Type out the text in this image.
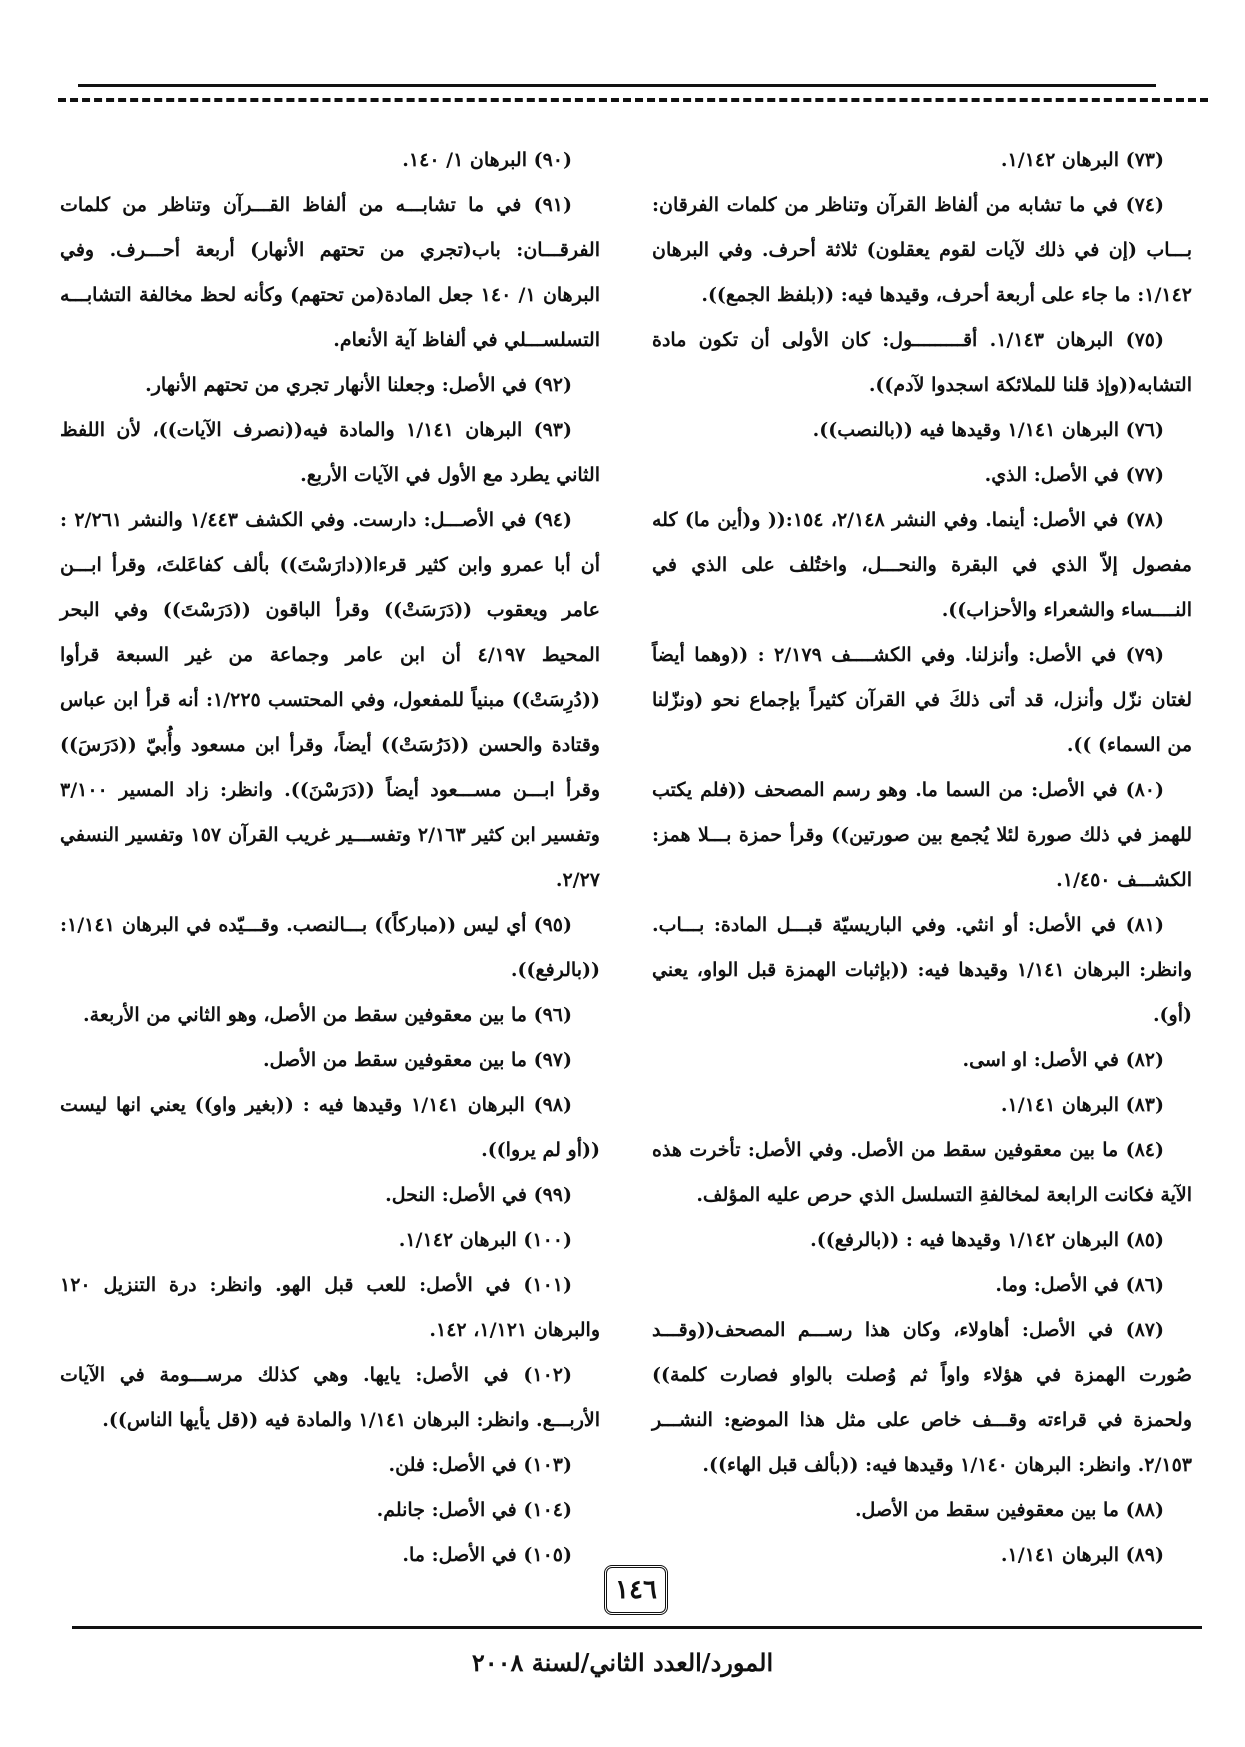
(٧٣) البرهان ١/١٤٢.

(٧٤) في ما تشابه من ألفاظ القرآن وتناظر من كلمات الفرقان: بـــاب (إن في ذلك لآيات لقوم يعقلون) ثلاثة أحرف. وفي البرهان ١/١٤٢: ما جاء على أربعة أحرف، وقيدها فيه: ((بلفظ الجمع)).

(٧٥) البرهان ١/١٤٣. أقـــــــــول: كان الأولى أن تكون مادة التشابه((وإذ قلنا للملائكة اسجدوا لآدم)).

(٧٦) البرهان ١/١٤١ وقيدها فيه ((بالنصب)).

(٧٧) في الأصل: الذي.

(٧٨) في الأصل: أينما. وفي النشر ٢/١٤٨، ١٥٤:(( و(أين ما) كله مفصول إلاّ الذي في البقرة والنحـــل، واختُلف على الذي في النــــساء والشعراء والأحزاب)).

(٧٩) في الأصل: وأنزلنا. وفي الكشــــف ٢/١٧٩ : ((وهما أيضاً لغتان نزّل وأنزل، قد أتى ذلكَ في القرآن كثيراً بإجماع نحو (ونزّلنا من السماء) )).

(٨٠) في الأصل: من السما ما. وهو رسم المصحف ((فلم يكتب للهمز في ذلك صورة لئلا يُجمع بين صورتين)) وقرأ حمزة بـــلا همز: الكشـــف ١/٤٥٠.

(٨١) في الأصل: أو انثي. وفي الباريسيّة قبـــل المادة: بـــاب. وانظر: البرهان ١/١٤١ وقيدها فيه: ((بإثبات الهمزة قبل الواو، يعني (أو).

(٨٢) في الأصل: او اسى.

(٨٣) البرهان ١/١٤١.

(٨٤) ما بين معقوفين سقط من الأصل. وفي الأصل: تأخرت هذه الآية فكانت الرابعة لمخالفةِ التسلسل الذي حرص عليه المؤلف.

(٨٥) البرهان ١/١٤٢ وقيدها فيه : ((بالرفع)).

(٨٦) في الأصل: وما.

(٨٧) في الأصل: أهاولاء، وكان هذا رســـم المصحف((وقـــد صُورت الهمزة في هؤلاء واواً ثم وُصلت بالواو فصارت كلمة)) ولحمزة في قراءته وقـــف خاص على مثل هذا الموضع: النشـــر ٢/١٥٣. وانظر: البرهان ١/١٤٠ وقيدها فيه: ((بألف قبل الهاء)).

(٨٨) ما بين معقوفين سقط من الأصل.

(٨٩) البرهان ١/١٤١.

(٩٠) البرهان ١/ ١٤٠.

(٩١) في ما تشابـــه من ألفاظ القـــرآن وتناظر من كلمات الفرقـــان: باب(تجري من تحتهم الأنهار) أربعة أحـــرف. وفي البرهان ١/ ١٤٠ جعل المادة(من تحتهم) وكأنه لحظ مخالفة التشابـــه التسلســـلي في ألفاظ آية الأنعام.

(٩٢) في الأصل: وجعلنا الأنهار تجري من تحتهم الأنهار.

(٩٣) البرهان ١/١٤١ والمادة فيه((نصرف الآيات))، لأن اللفظ الثاني يطرد مع الأول في الآيات الأربع.

(٩٤) في الأصـــل: دارست. وفي الكشف ١/٤٤٣ والنشر ٢/٢٦١ : أن أبا عمرو وابن كثير قرءا((دارَسْتَ)) بألف كفاعَلتَ، وقرأ ابـــن عامر ويعقوب ((دَرَسَتْ)) وقرأ الباقون ((دَرَسْتَ)) وفي البحر المحيط ٤/١٩٧ أن ابن عامر وجماعة من غير السبعة قرأوا ((دُرِسَتْ)) مبنياً للمفعول، وفي المحتسب ١/٢٢٥: أنه قرأ ابن عباس وقتادة والحسن ((دَرُسَتْ)) أيضاً، وقرأ ابن مسعود وأُبيّ ((دَرَسَ)) وقرأ ابـــن مســـعود أيضاً ((دَرَسْنَ)). وانظر: زاد المسير ٣/١٠٠ وتفسير ابن كثير ٢/١٦٣ وتفســـير غريب القرآن ١٥٧ وتفسير النسفي ٢/٢٧.

(٩٥) أي ليس ((مباركاً)) بـــالنصب. وقـــيّده في البرهان ١/١٤١: ((بالرفع)).

(٩٦) ما بين معقوفين سقط من الأصل، وهو الثاني من الأربعة.

(٩٧) ما بين معقوفين سقط من الأصل.

(٩٨) البرهان ١/١٤١ وقيدها فيه : ((بغير واو)) يعني انها ليست ((أو لم يروا)).

(٩٩) في الأصل: النحل.

(١٠٠) البرهان ١/١٤٢.

(١٠١) في الأصل: للعب قبل الهو. وانظر: درة التنزيل ١٢٠ والبرهان ١/١٢١، ١٤٢.

(١٠٢) في الأصل: يايها. وهي كذلك مرســـومة في الآيات الأربـــع. وانظر: البرهان ١/١٤١ والمادة فيه ((قل يأيها الناس)).

(١٠٣) في الأصل: فلن.

(١٠٤) في الأصل: جانلم.

(١٠٥) في الأصل: ما.

١٤٦
المورد/العدد الثاني/لسنة ٢٠٠٨
